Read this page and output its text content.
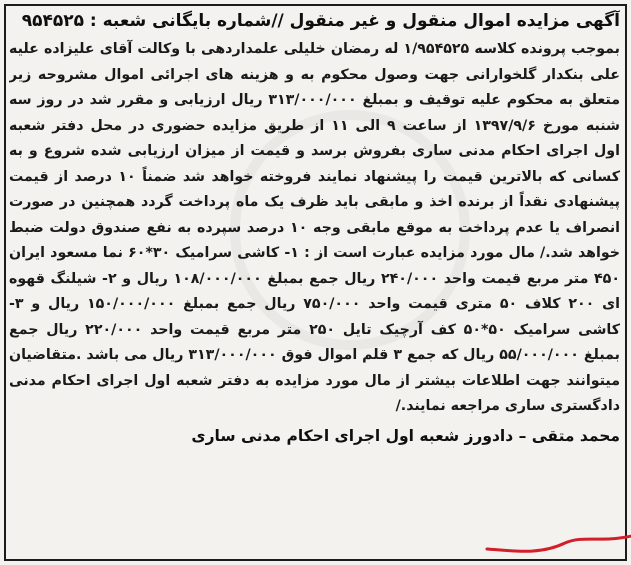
آگهی مزایده اموال منقول و غیر منقول //شماره بایگانی شعبه : ۹۵۴۵۲۵

بموجب پرونده کلاسه ۱/۹۵۴۵۲۵ له رمضان خلیلی علمداردهی با وکالت آقای علیزاده علیه علی بنکدار گلخوارانی جهت وصول محکوم به و هزینه های اجرائی اموال مشروحه زیر متعلق به محکوم علیه توقیف و بمبلغ ۳۱۳/۰۰۰/۰۰۰ ریال ارزیابی و مقرر شد در روز سه شنبه مورخ ۱۳۹۷/۹/۶ از ساعت ۹ الی ۱۱ از طریق مزایده حضوری در محل دفتر شعبه اول اجرای احکام مدنی ساری بفروش برسد و قیمت از میزان ارزیابی شده شروع و به کسانی که بالاترین قیمت را پیشنهاد نمایند فروخته خواهد شد ضمناً ۱۰ درصد از قیمت پیشنهادی نقداً از برنده اخذ و مابقی باید ظرف یک ماه پرداخت گردد همچنین در صورت انصراف یا عدم پرداخت به موقع مابقی وجه ۱۰ درصد سپرده به نفع صندوق دولت ضبط خواهد شد./ مال مورد مزایده عبارت است از : ۱- کاشی سرامیک ۳۰*۶۰ نما مسعود ایران ۴۵۰ متر مربع قیمت واحد ۲۴۰/۰۰۰ ریال جمع بمبلغ ۱۰۸/۰۰۰/۰۰۰ ریال و ۲- شیلنگ قهوه ای ۲۰۰ کلاف ۵۰ متری قیمت واحد ۷۵۰/۰۰۰ ریال جمع بمبلغ ۱۵۰/۰۰۰/۰۰۰ ریال و ۳- کاشی سرامیک ۵۰*۵۰ کف آرچیک تایل ۲۵۰ متر مربع قیمت واحد ۲۲۰/۰۰۰ ریال جمع بمبلغ ۵۵/۰۰۰/۰۰۰ ریال که جمع ۳ قلم اموال فوق ۳۱۳/۰۰۰/۰۰۰ ریال می باشد .متقاضیان میتوانند جهت اطلاعات بیشتر از مال مورد مزایده به دفتر شعبه اول اجرای احکام مدنی دادگستری ساری مراجعه نمایند./

محمد متقی – دادورز شعبه اول اجرای احکام مدنی ساری
